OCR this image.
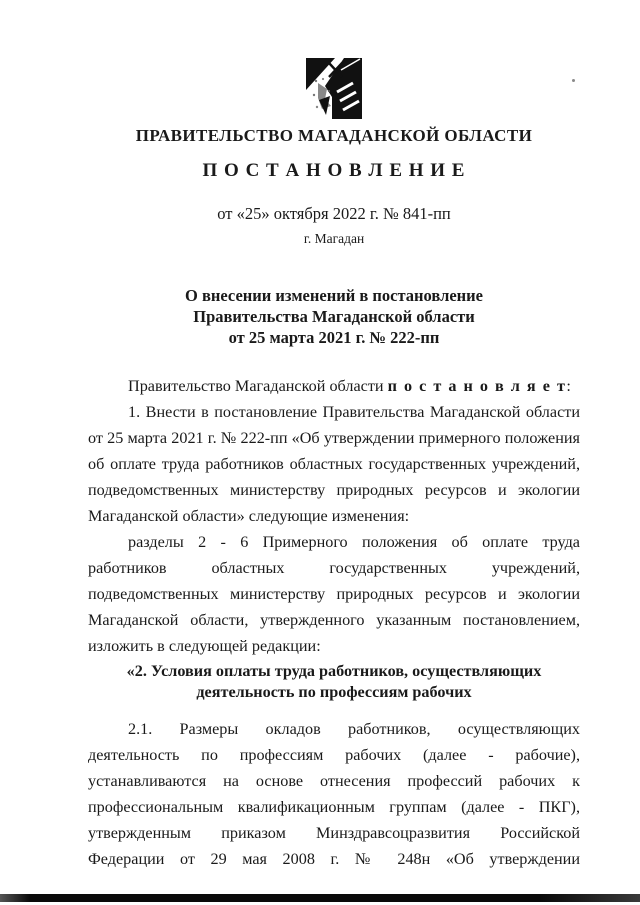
ПРАВИТЕЛЬСТВО МАГАДАНСКОЙ ОБЛАСТИ
П О С Т А Н О В Л Е Н И Е
от «25» октября 2022 г. № 841-пп
г. Магадан
О внесении изменений в постановление
Правительства Магаданской области
от 25 марта 2021 г. № 222-пп

Правительство Магаданской области п о с т а н о в л я е т:

1. Внести в постановление Правительства Магаданской области от 25 марта 2021 г. № 222-пп «Об утверждении примерного положения об оплате труда работников областных государственных учреждений, подведомственных министерству природных ресурсов и экологии Магаданской области» следующие изменения:

разделы 2 - 6 Примерного положения об оплате труда работников областных государственных учреждений, подведомственных министерству природных ресурсов и экологии Магаданской области, утвержденного указанным постановлением, изложить в следующей редакции:

«2. Условия оплаты труда работников, осуществляющих
деятельность по профессиям рабочих

2.1. Размеры окладов работников, осуществляющих деятельность по профессиям рабочих (далее - рабочие), устанавливаются на основе отнесения профессий рабочих к профессиональным квалификационным группам (далее - ПКГ), утвержденным приказом Минздравсоцразвития Российской Федерации от 29 мая 2008 г. № 248н «Об утверждении
